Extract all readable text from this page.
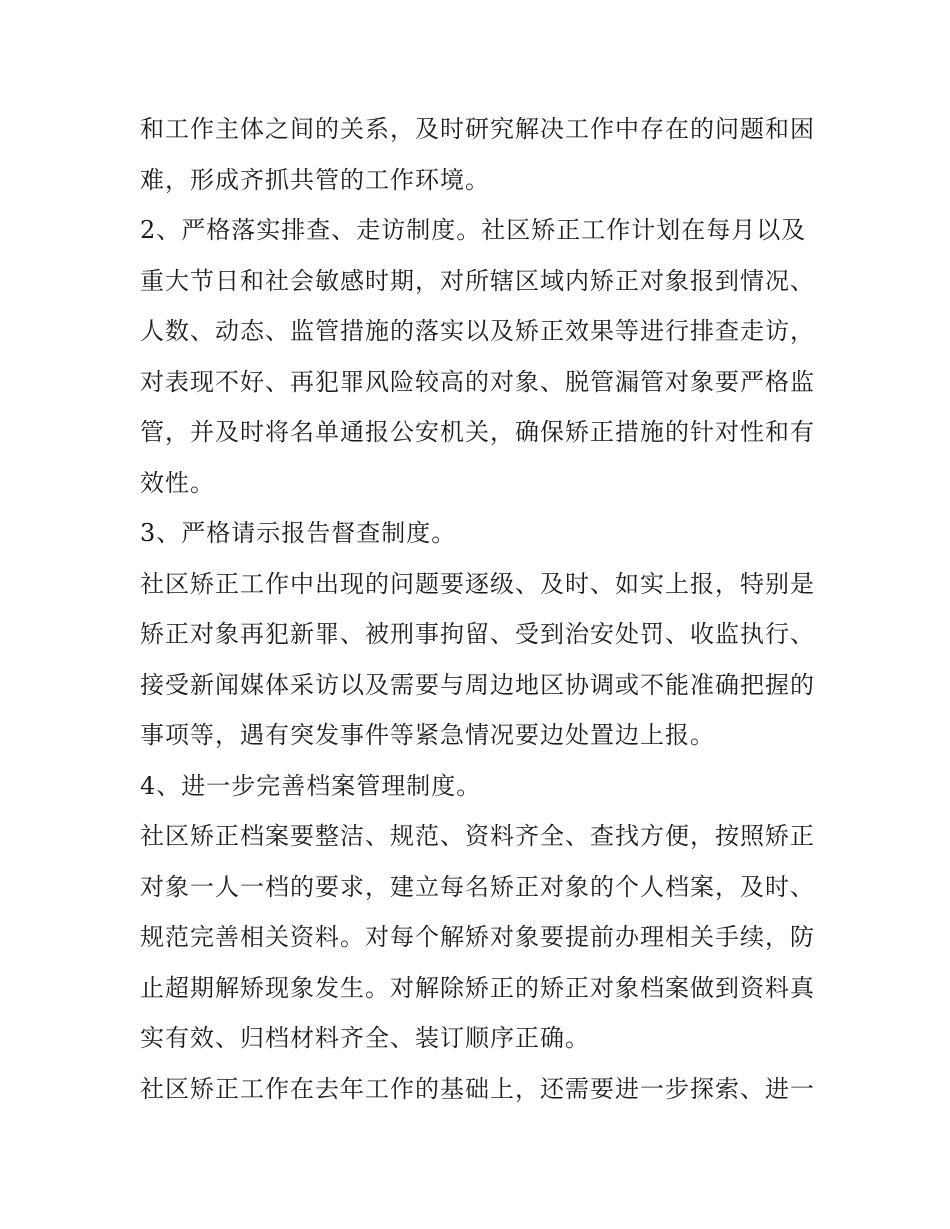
和工作主体之间的关系，及时研究解决工作中存在的问题和困
难，形成齐抓共管的工作环境。
2、严格落实排查、走访制度。社区矫正工作计划在每月以及
重大节日和社会敏感时期，对所辖区域内矫正对象报到情况、
人数、动态、监管措施的落实以及矫正效果等进行排查走访，
对表现不好、再犯罪风险较高的对象、脱管漏管对象要严格监
管，并及时将名单通报公安机关，确保矫正措施的针对性和有
效性。
3、严格请示报告督查制度。
社区矫正工作中出现的问题要逐级、及时、如实上报，特别是
矫正对象再犯新罪、被刑事拘留、受到治安处罚、收监执行、
接受新闻媒体采访以及需要与周边地区协调或不能准确把握的
事项等，遇有突发事件等紧急情况要边处置边上报。
4、进一步完善档案管理制度。
社区矫正档案要整洁、规范、资料齐全、查找方便，按照矫正
对象一人一档的要求，建立每名矫正对象的个人档案，及时、
规范完善相关资料。对每个解矫对象要提前办理相关手续，防
止超期解矫现象发生。对解除矫正的矫正对象档案做到资料真
实有效、归档材料齐全、装订顺序正确。
社区矫正工作在去年工作的基础上，还需要进一步探索、进一
